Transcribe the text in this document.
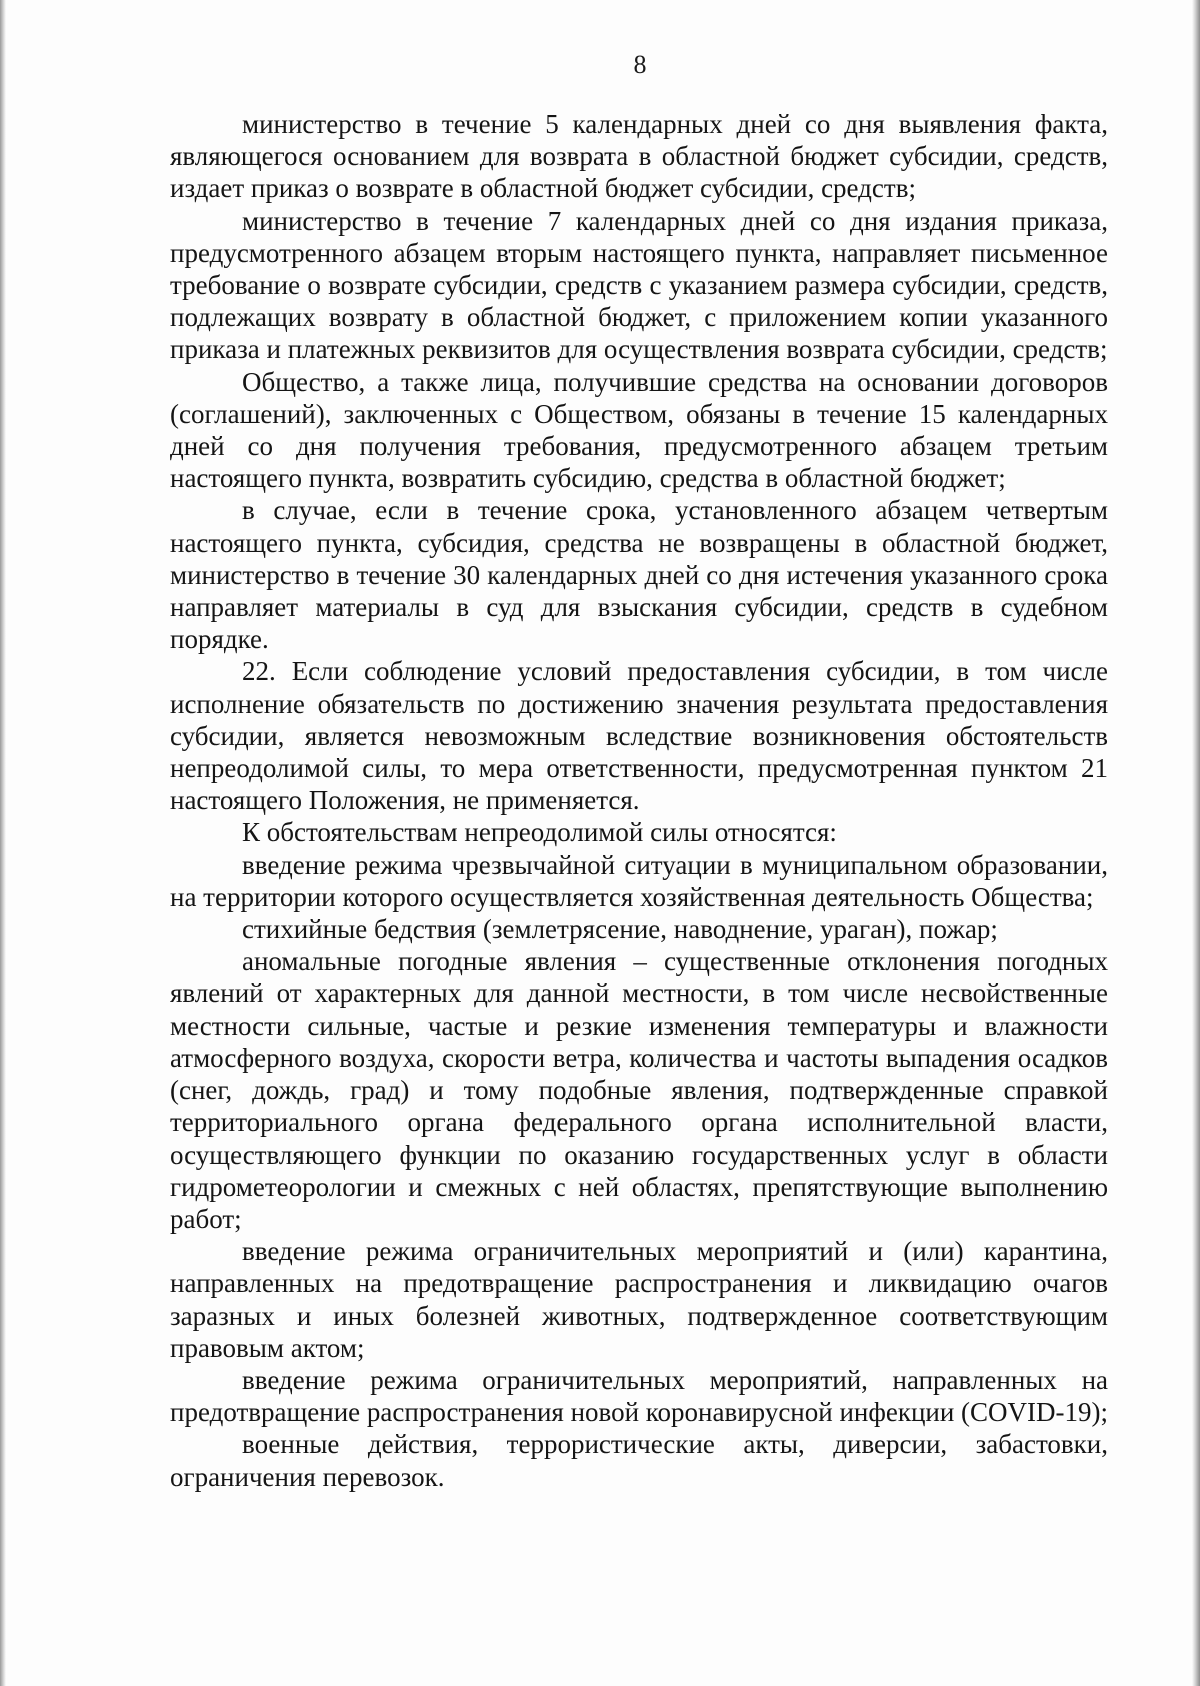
8

министерство в течение 5 календарных дней со дня выявления факта, являющегося основанием для возврата в областной бюджет субсидии, средств, издает приказ о возврате в областной бюджет субсидии, средств;

министерство в течение 7 календарных дней со дня издания приказа, предусмотренного абзацем вторым настоящего пункта, направляет письменное требование о возврате субсидии, средств с указанием размера субсидии, средств, подлежащих возврату в областной бюджет, с приложением копии указанного приказа и платежных реквизитов для осуществления возврата субсидии, средств;

Общество, а также лица, получившие средства на основании договоров (соглашений), заключенных с Обществом, обязаны в течение 15 календарных дней со дня получения требования, предусмотренного абзацем третьим настоящего пункта, возвратить субсидию, средства в областной бюджет;

в случае, если в течение срока, установленного абзацем четвертым настоящего пункта, субсидия, средства не возвращены в областной бюджет, министерство в течение 30 календарных дней со дня истечения указанного срока направляет материалы в суд для взыскания субсидии, средств в судебном порядке.

22. Если соблюдение условий предоставления субсидии, в том числе исполнение обязательств по достижению значения результата предоставления субсидии, является невозможным вследствие возникновения обстоятельств непреодолимой силы, то мера ответственности, предусмотренная пунктом 21 настоящего Положения, не применяется.

К обстоятельствам непреодолимой силы относятся:

введение режима чрезвычайной ситуации в муниципальном образовании, на территории которого осуществляется хозяйственная деятельность Общества;

стихийные бедствия (землетрясение, наводнение, ураган), пожар;

аномальные погодные явления – существенные отклонения погодных явлений от характерных для данной местности, в том числе несвойственные местности сильные, частые и резкие изменения температуры и влажности атмосферного воздуха, скорости ветра, количества и частоты выпадения осадков (снег, дождь, град) и тому подобные явления, подтвержденные справкой территориального органа федерального органа исполнительной власти, осуществляющего функции по оказанию государственных услуг в области гидрометеорологии и смежных с ней областях, препятствующие выполнению работ;

введение режима ограничительных мероприятий и (или) карантина, направленных на предотвращение распространения и ликвидацию очагов заразных и иных болезней животных, подтвержденное соответствующим правовым актом;

введение режима ограничительных мероприятий, направленных на предотвращение распространения новой коронавирусной инфекции (COVID-19);

военные действия, террористические акты, диверсии, забастовки, ограничения перевозок.
